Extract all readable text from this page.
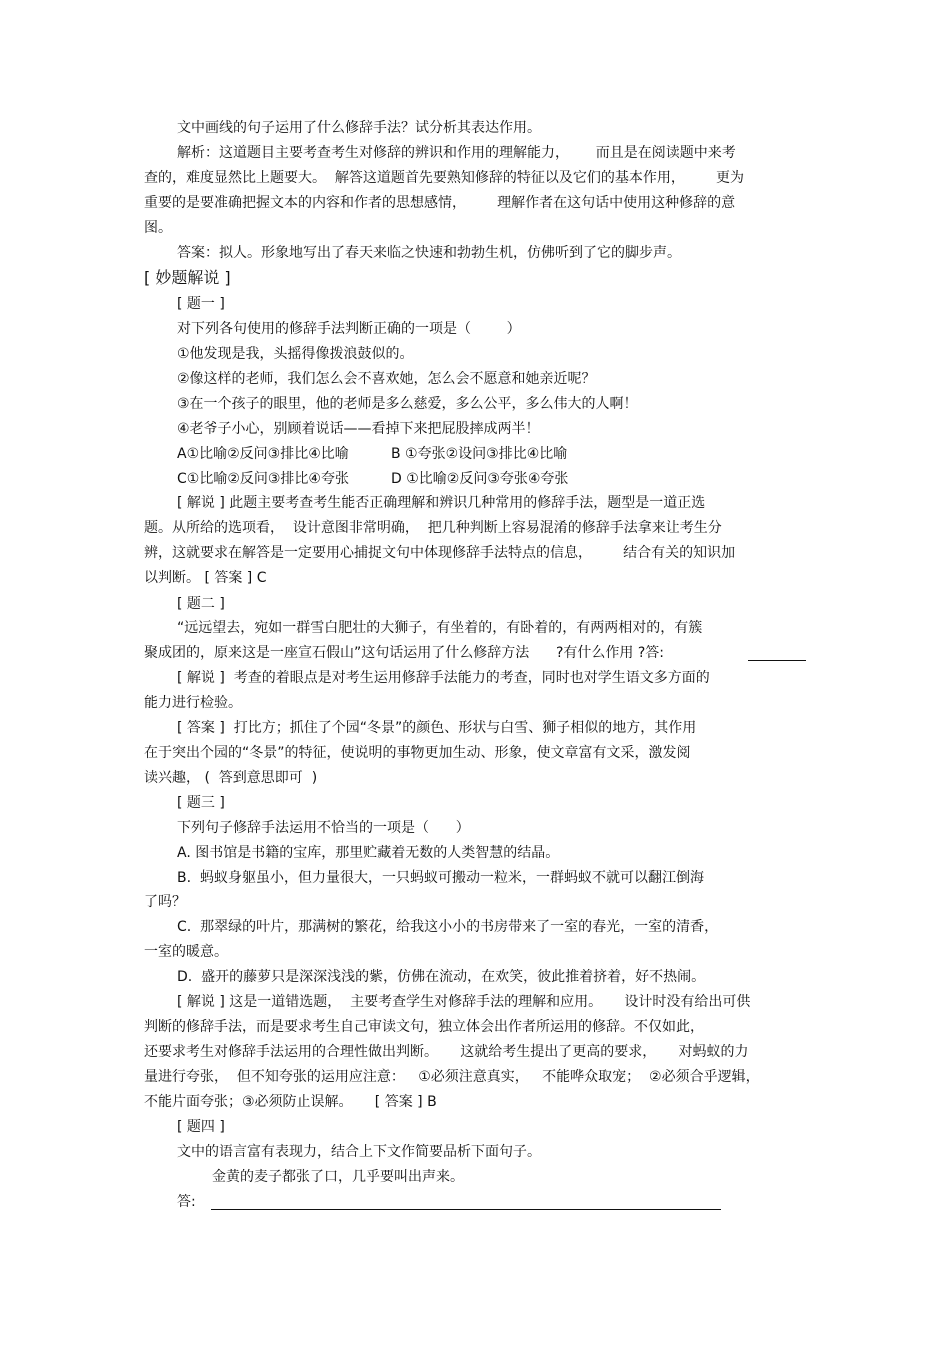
文中画线的句子运用了什么修辞手法？试分析其表达作用。
解析：这道题目主要考查考生对修辞的辨识和作用的理解能力，      而且是在阅读题中来考
查的，难度显然比上题要大。  解答这道题首先要熟知修辞的特征以及它们的基本作用，       更为
重要的是要准确把握文本的内容和作者的思想感情，       理解作者在这句话中使用这种修辞的意
图。
答案：拟人。形象地写出了春天来临之快速和勃勃生机，仿佛听到了它的脚步声。
[ 妙题解说 ]
[ 题一 ]
对下列各句使用的修辞手法判断正确的一项是（        ）
①他发现是我，头摇得像拨浪鼓似的。
②像这样的老师，我们怎么会不喜欢她，怎么会不愿意和她亲近呢？
③在一个孩子的眼里，他的老师是多么慈爱，多么公平，多么伟大的人啊！
④老爷子小心，别顾着说话——看掉下来把屁股摔成两半！
A①比喻②反问③排比④比喻	B ①夸张②设问③排比④比喻
C①比喻②反问③排比④夸张	D ①比喻②反问③夸张④夸张
[ 解说 ] 此题主要考查考生能否正确理解和辨识几种常用的修辞手法，题型是一道正选
题。从所给的选项看，  设计意图非常明确，  把几种判断上容易混淆的修辞手法拿来让考生分
辨，这就要求在解答是一定要用心捕捉文句中体现修辞手法特点的信息，       结合有关的知识加
以判断。 [ 答案 ] C
[ 题二 ]
“远远望去，宛如一群雪白肥壮的大狮子，有坐着的，有卧着的，有两两相对的，有簇
聚成团的，原来这是一座宣石假山”这句话运用了什么修辞方法      ?有什么作用 ?答:
[ 解说 ]  考查的着眼点是对考生运用修辞手法能力的考查，同时也对学生语文多方面的
能力进行检验。
[ 答案 ]  打比方；抓住了个园“冬景”的颜色、形状与白雪、狮子相似的地方，其作用
在于突出个园的“冬景”的特征，使说明的事物更加生动、形象，使文章富有文采，激发阅
读兴趣， (  答到意思即可  )
[ 题三 ]
下列句子修辞手法运用不恰当的一项是（      ）
A. 图书馆是书籍的宝库，那里贮藏着无数的人类智慧的结晶。
B.  蚂蚁身躯虽小，但力量很大，一只蚂蚁可搬动一粒米，一群蚂蚁不就可以翻江倒海
了吗？
C.  那翠绿的叶片，那满树的繁花，给我这小小的书房带来了一室的春光，一室的清香，
一室的暖意。
D.  盛开的藤萝只是深深浅浅的紫，仿佛在流动，在欢笑，彼此推着挤着，好不热闹。
[ 解说 ] 这是一道错选题，  主要考查学生对修辞手法的理解和应用。     设计时没有给出可供
判断的修辞手法，而是要求考生自己审读文句，独立体会出作者所运用的修辞。不仅如此，
还要求考生对修辞手法运用的合理性做出判断。     这就给考生提出了更高的要求，     对蚂蚁的力
量进行夸张，  但不知夸张的运用应注意：   ①必须注意真实，   不能哗众取宠；  ②必须合乎逻辑，
不能片面夸张；③必须防止误解。     [ 答案 ] B
[ 题四 ]
文中的语言富有表现力，结合上下文作简要品析下面句子。
金黄的麦子都张了口，几乎要叫出声来。
答:
